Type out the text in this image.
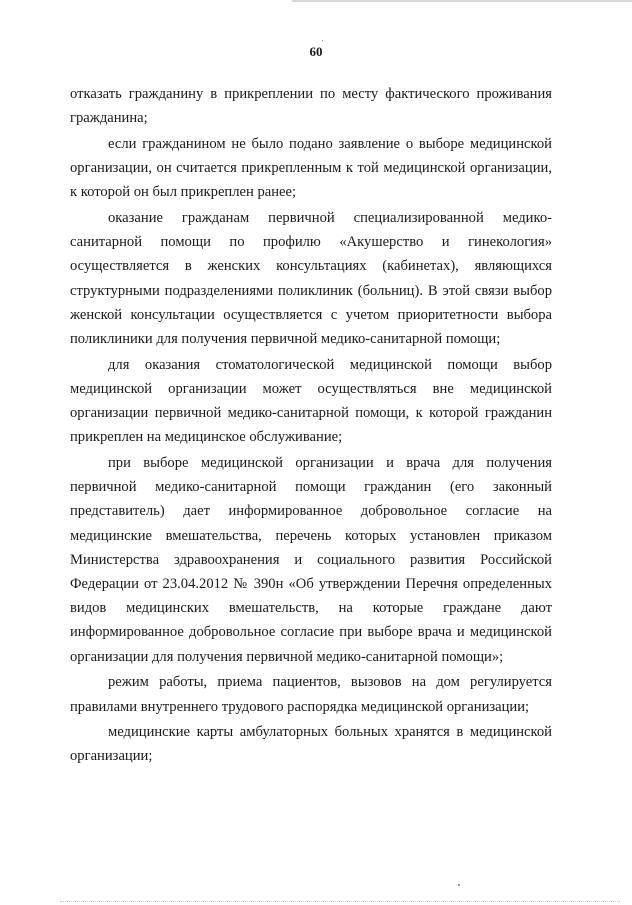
60

отказать гражданину в прикреплении по месту фактического проживания гражданина;

если гражданином не было подано заявление о выборе медицинской организации, он считается прикрепленным к той медицинской организации, к которой он был прикреплен ранее;

оказание гражданам первичной специализированной медико-санитарной помощи по профилю «Акушерство и гинекология» осуществляется в женских консультациях (кабинетах), являющихся структурными подразделениями поликлиник (больниц). В этой связи выбор женской консультации осуществляется с учетом приоритетности выбора поликлиники для получения первичной медико-санитарной помощи;

для оказания стоматологической медицинской помощи выбор медицинской организации может осуществляться вне медицинской организации первичной медико-санитарной помощи, к которой гражданин прикреплен на медицинское обслуживание;

при выборе медицинской организации и врача для получения первичной медико-санитарной помощи гражданин (его законный представитель) дает информированное добровольное согласие на медицинские вмешательства, перечень которых установлен приказом Министерства здравоохранения и социального развития Российской Федерации от 23.04.2012 № 390н «Об утверждении Перечня определенных видов медицинских вмешательств, на которые граждане дают информированное добровольное согласие при выборе врача и медицинской организации для получения первичной медико-санитарной помощи»;

режим работы, приема пациентов, вызовов на дом регулируется правилами внутреннего трудового распорядка медицинской организации;

медицинские карты амбулаторных больных хранятся в медицинской организации;
